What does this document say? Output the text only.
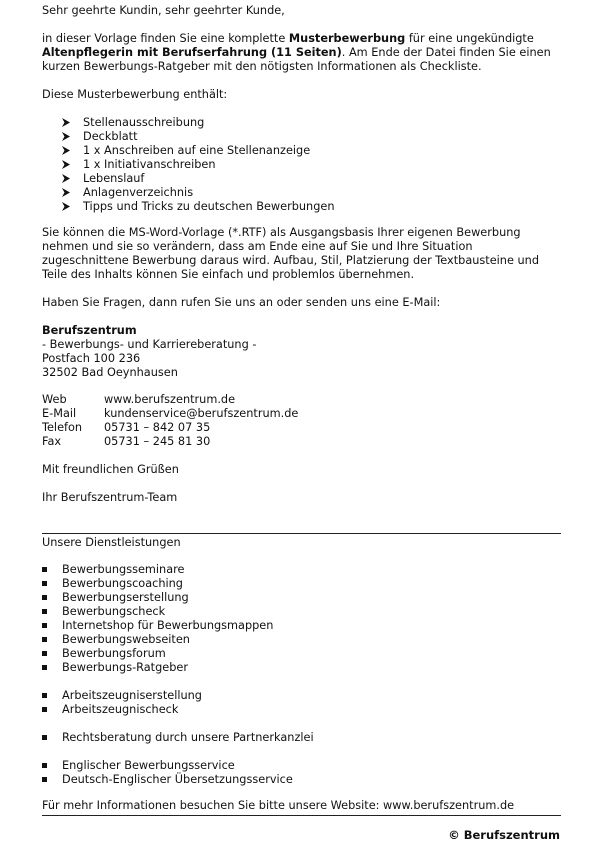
Sehr geehrte Kundin, sehr geehrter Kunde,
in dieser Vorlage finden Sie eine komplette Musterbewerbung für eine ungekündigte
Altenpflegerin mit Berufserfahrung (11 Seiten). Am Ende der Datei finden Sie einen
kurzen Bewerbungs-Ratgeber mit den nötigsten Informationen als Checkliste.
Diese Musterbewerbung enthält:
Stellenausschreibung
Deckblatt
1 x Anschreiben auf eine Stellenanzeige
1 x Initiativanschreiben
Lebenslauf
Anlagenverzeichnis
Tipps und Tricks zu deutschen Bewerbungen
Sie können die MS-Word-Vorlage (*.RTF) als Ausgangsbasis Ihrer eigenen Bewerbung
nehmen und sie so verändern, dass am Ende eine auf Sie und Ihre Situation
zugeschnittene Bewerbung daraus wird. Aufbau, Stil, Platzierung der Textbausteine und
Teile des Inhalts können Sie einfach und problemlos übernehmen.
Haben Sie Fragen, dann rufen Sie uns an oder senden uns eine E-Mail:
Berufszentrum
- Bewerbungs- und Karriereberatung -
Postfach 100 236
32502 Bad Oeynhausen
Web	www.berufszentrum.de
E-Mail kundenservice@berufszentrum.de
Telefon 05731 – 842 07 35
Fax	05731 – 245 81 30
Mit freundlichen Grüßen
Ihr Berufszentrum-Team
Unsere Dienstleistungen
Bewerbungsseminare
Bewerbungscoaching
Bewerbungserstellung
Bewerbungscheck
Internetshop für Bewerbungsmappen
Bewerbungswebseiten
Bewerbungsforum
Bewerbungs-Ratgeber
Arbeitszeugniserstellung
Arbeitszeugnischeck
Rechtsberatung durch unsere Partnerkanzlei
Englischer Bewerbungsservice
Deutsch-Englischer Übersetzungsservice
Für mehr Informationen besuchen Sie bitte unsere Website: www.berufszentrum.de
© Berufszentrum
